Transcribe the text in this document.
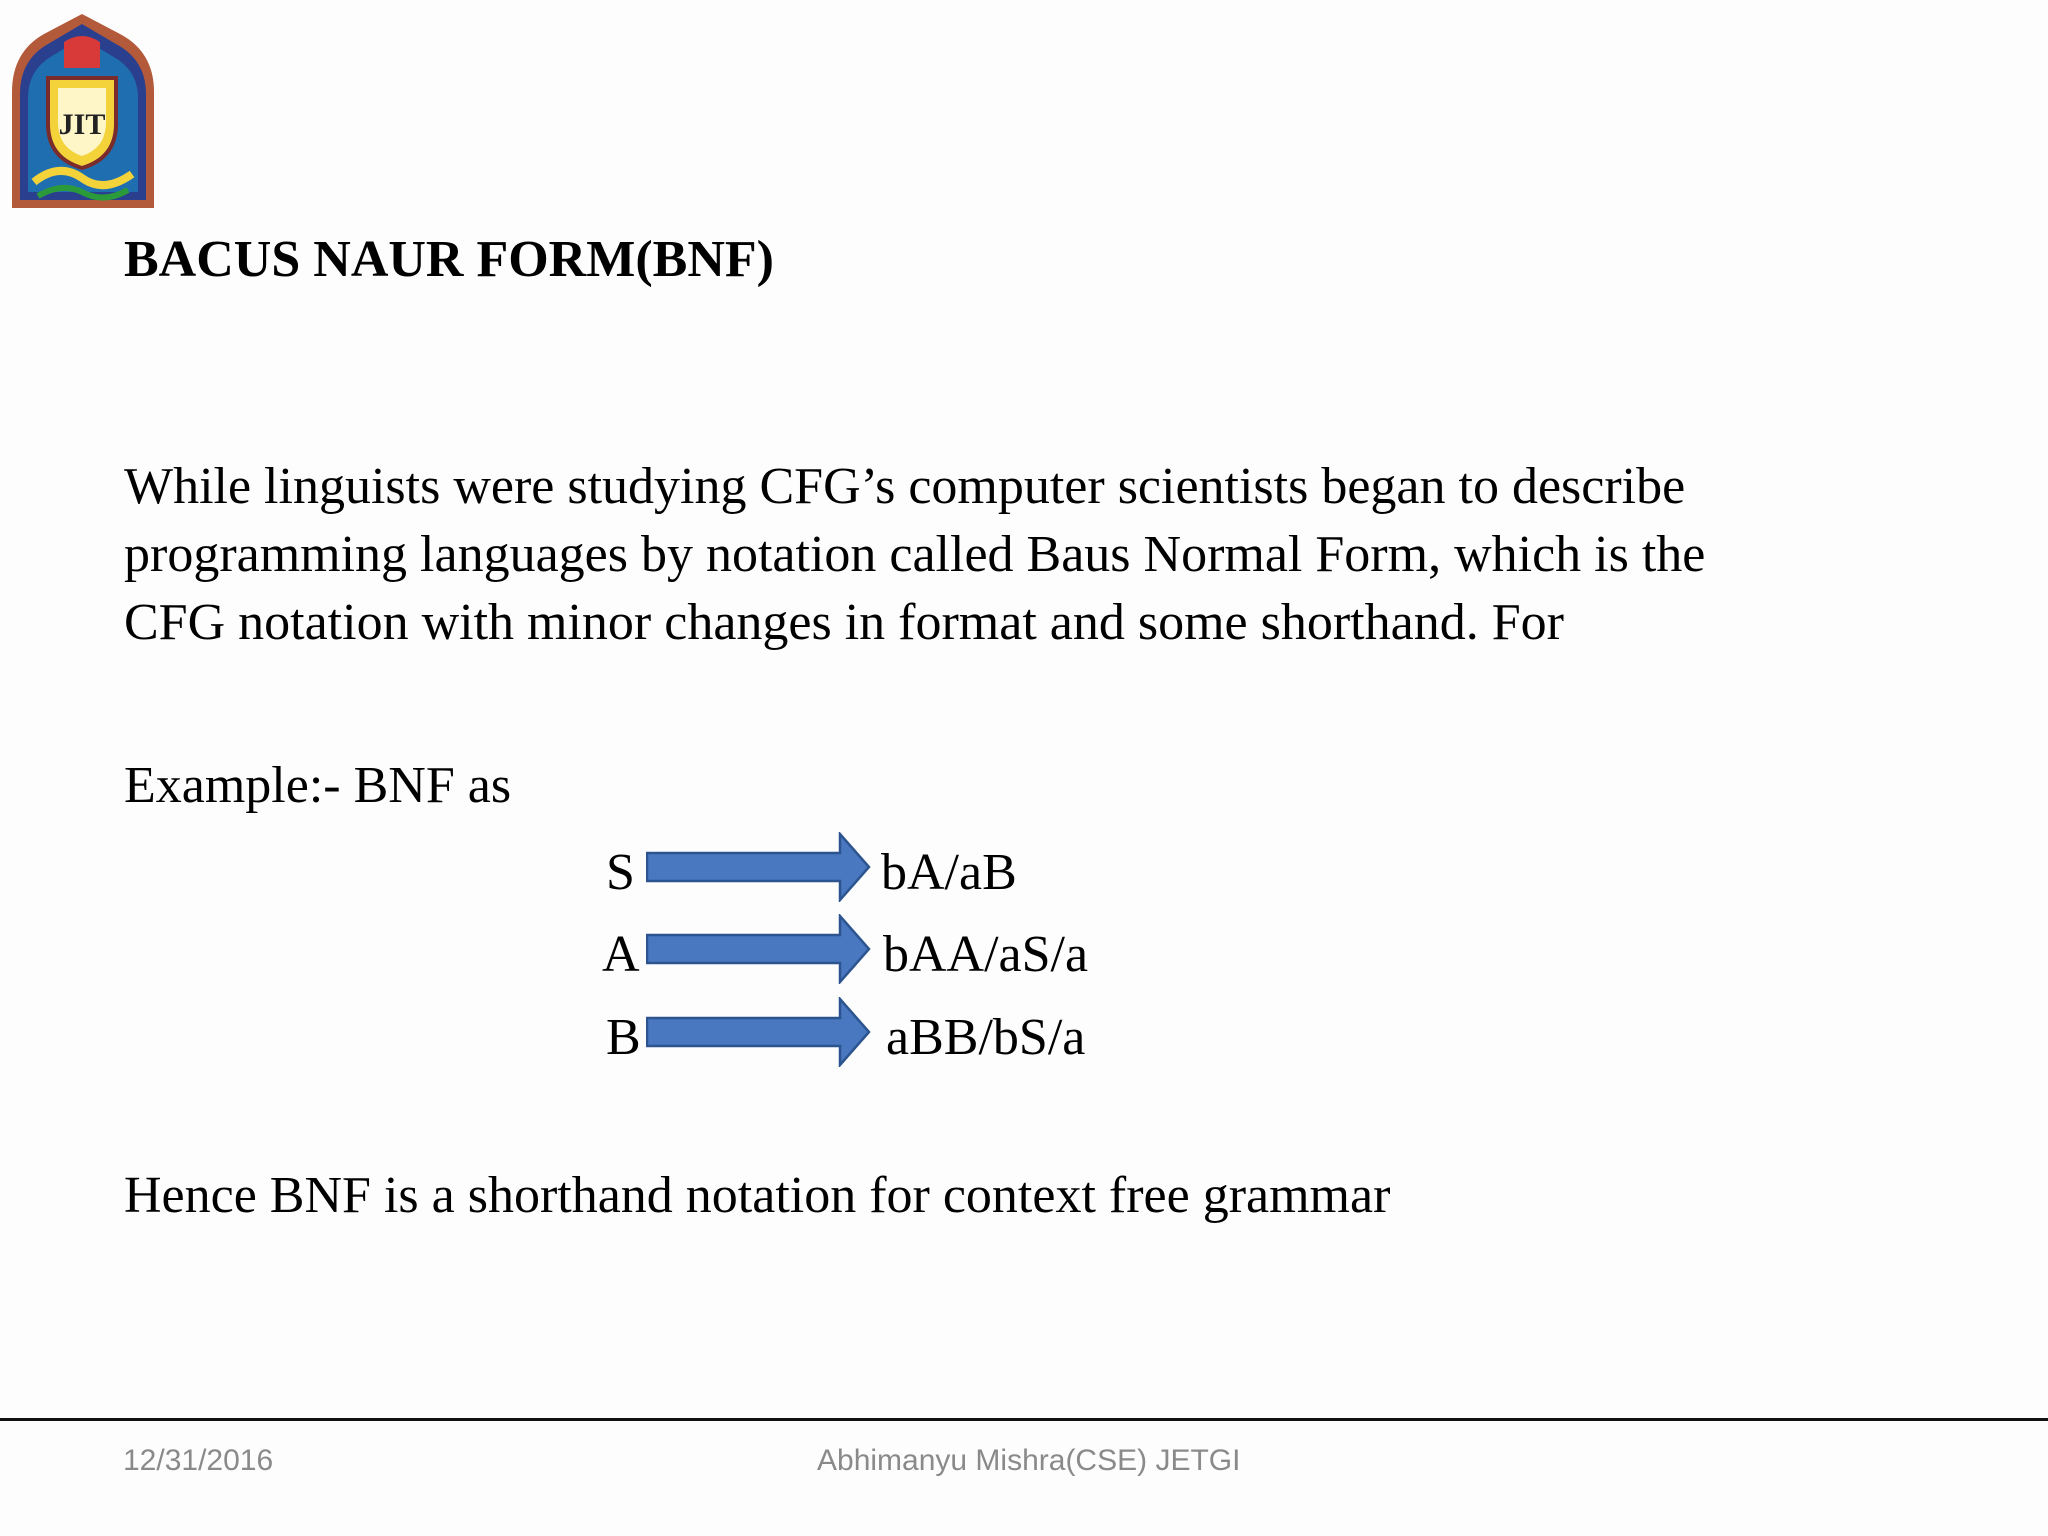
JIT
BACUS NAUR FORM(BNF)
While linguists were studying CFG’s computer scientists began to describe
programming languages by notation called Baus Normal Form, which is the
CFG notation with minor changes in format and some shorthand. For
Example:- BNF as
S	bA/aB
A	bAA/aS/a
B	aBB/bS/a
Hence BNF is a shorthand notation for context free grammar
12/31/2016	Abhimanyu Mishra(CSE) JETGI
